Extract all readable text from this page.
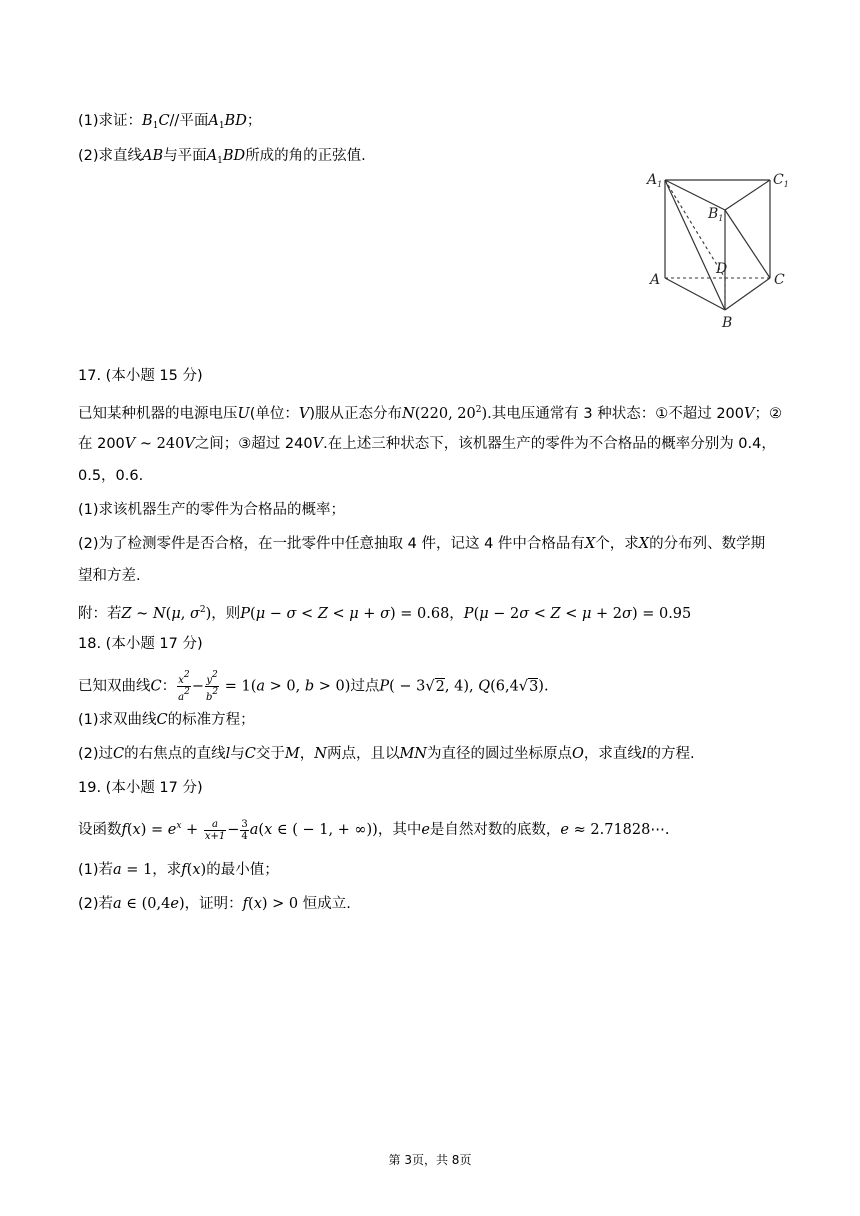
(1)求证：$B_1C//$平面$A_1BD$；
(2)求直线AB与平面$A_1BD$所成的角的正弦值.
$A_1$	$C_1$
$B_1$
D
A	C
B
17. (本小题 15 分)
已知某种机器的电源电压U(单位：V)服从正态分布N(220, $20^2$).其电压通常有 3 种状态：①不超过 200V；②
在 200V ~ 240V之间；③超过 240V.在上述三种状态下，该机器生产的零件为不合格品的概率分别为 0.4，
0.5，0.6.
(1)求该机器生产的零件为合格品的概率；
(2)为了检测零件是否合格，在一批零件中任意抽取 4 件，记这 4 件中合格品有X个，求X的分布列、数学期
望和方差.
附：若Z ~ N(μ, $\sigma^2$)，则P(μ − σ < Z < μ + σ) = 0.68，P(μ − 2σ < Z < μ + 2σ) = 0.95
18. (本小题 17 分)
已知双曲线C： $\frac{x^2}{a^2} - \frac{y^2}{b^2} = 1(a > 0$, b > 0)过点P( − 3√2, 4), Q(6,4√3).
(1)求双曲线C的标准方程；
(2)过C的右焦点的直线l与C交于M，N两点，且以MN为直径的圆过坐标原点O，求直线l的方程.
19. (本小题 17 分)
设函数$f(x) = e^x + \frac{a}{x+1} - \frac{3}{4} a(x$ ∈ ( − 1, + ∞))，其中e是自然对数的底数，e ≈ 2.71828⋯.
(1)若a = 1，求f(x)的最小值；
(2)若a ∈ (0,4e)，证明：f(x) > 0 恒成立.
第 3页，共 8页
